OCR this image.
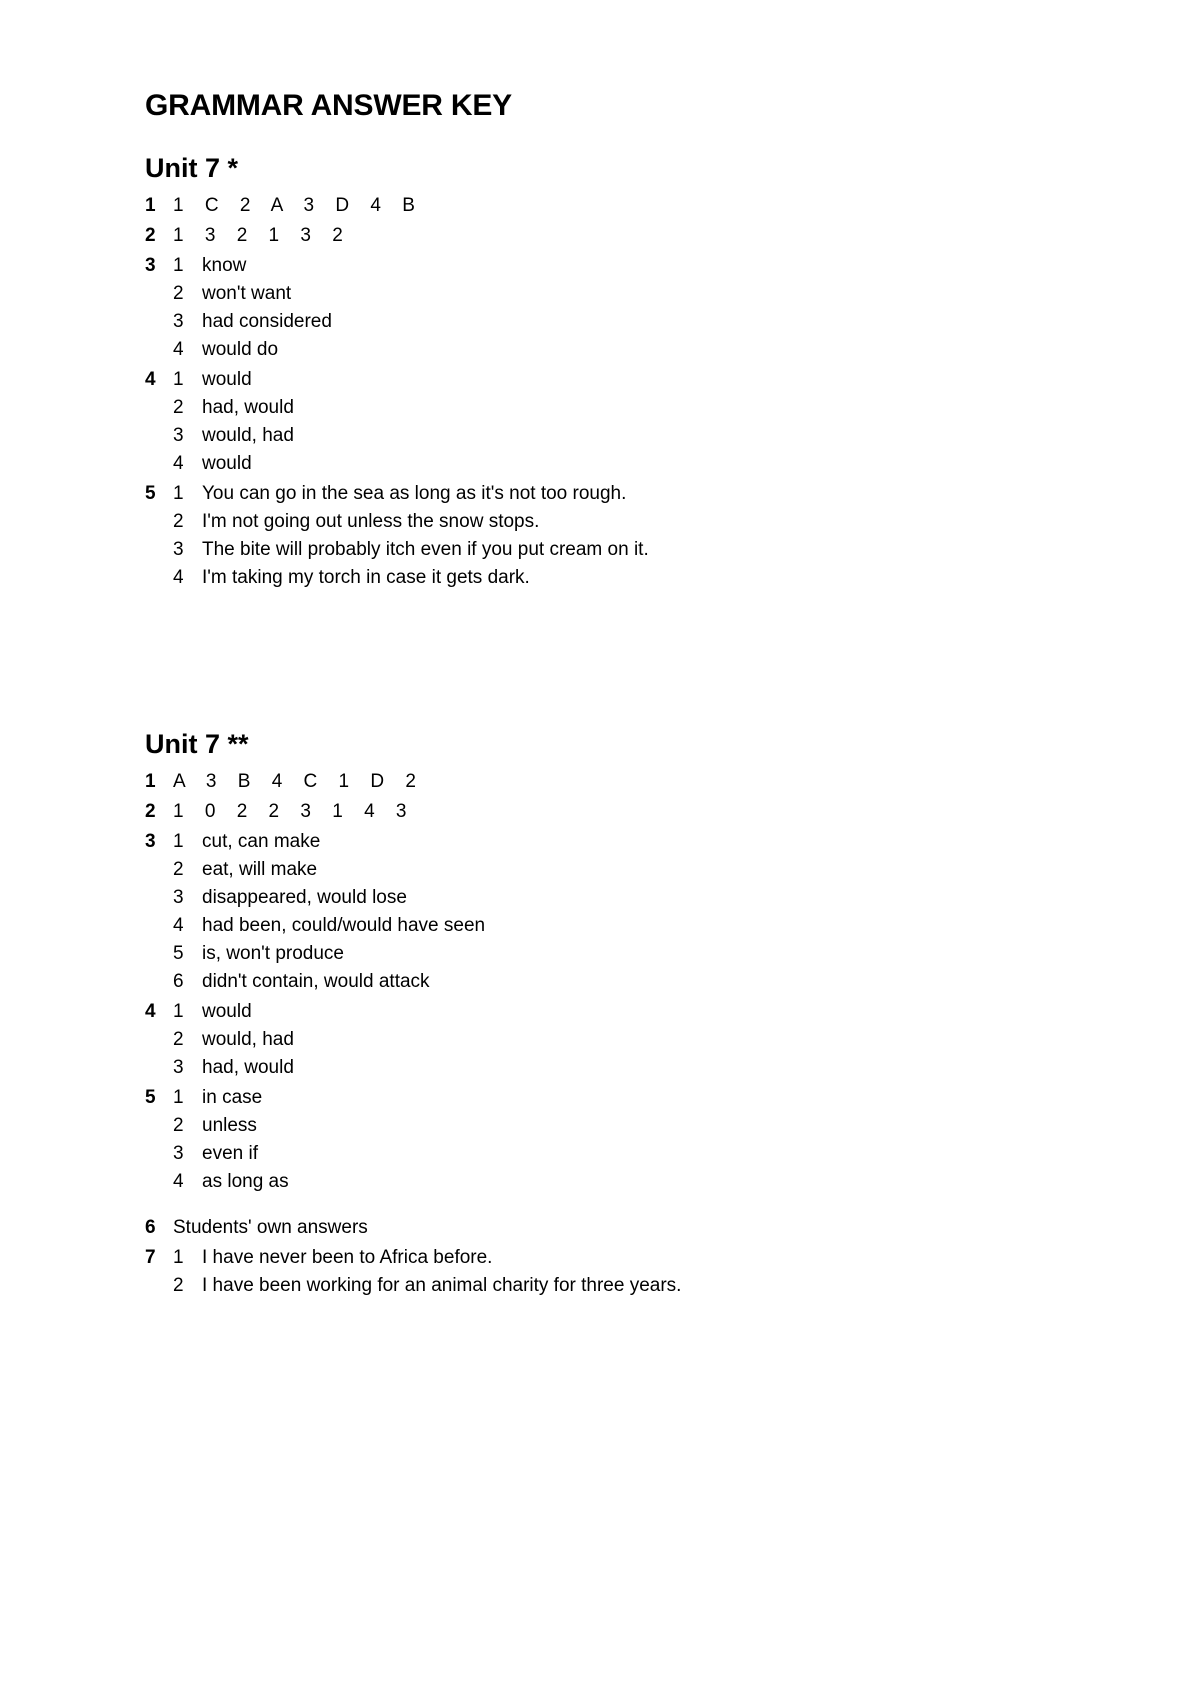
GRAMMAR ANSWER KEY
Unit 7 *
1 1 C 2 A 3 D 4 B
2 1 3 2 1 3 2
3 1 know
2 won't want
3 had considered
4 would do
4 1 would
2 had, would
3 would, had
4 would
5 1 You can go in the sea as long as it's not too rough.
2 I'm not going out unless the snow stops.
3 The bite will probably itch even if you put cream on it.
4 I'm taking my torch in case it gets dark.
Unit 7 **
1 A 3 B 4 C 1 D 2
2 1 0 2 2 3 1 4 3
3 1 cut, can make
2 eat, will make
3 disappeared, would lose
4 had been, could/would have seen
5 is, won't produce
6 didn't contain, would attack
4 1 would
2 would, had
3 had, would
5 1 in case
2 unless
3 even if
4 as long as
6 Students' own answers
7 1 I have never been to Africa before.
2 I have been working for an animal charity for three years.
